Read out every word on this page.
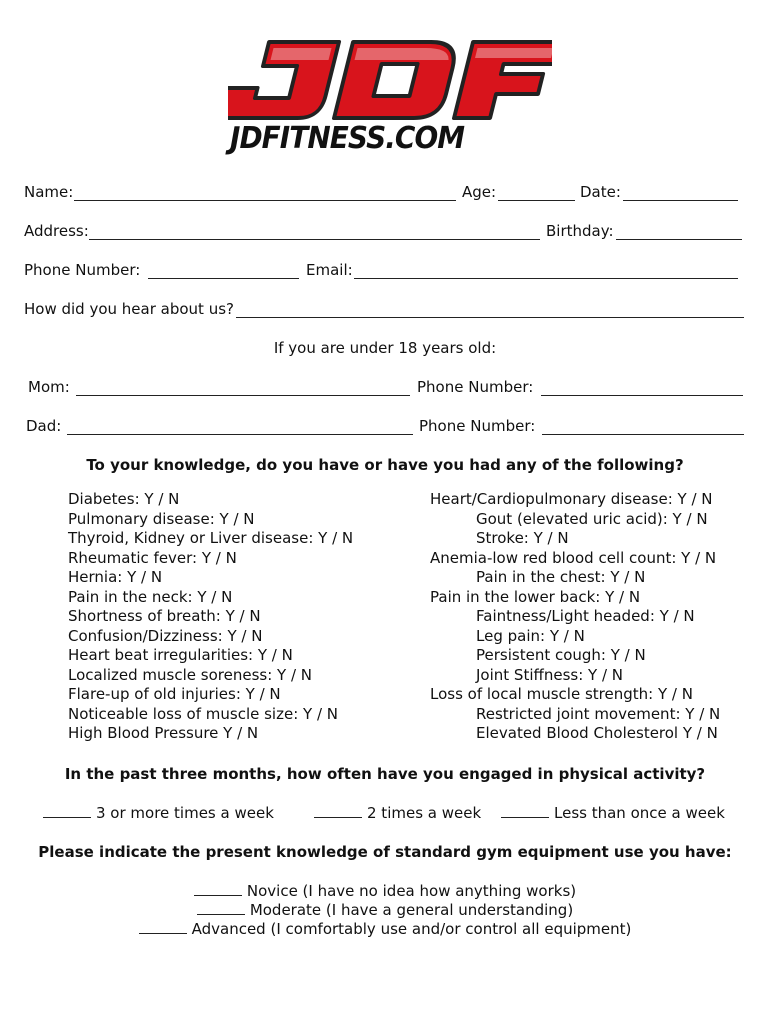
JDFITNESS.COM
Name:	Age:	Date:
Address:	Birthday:
Phone Number:	Email:
How did you hear about us?
If you are under 18 years old:
Mom:	Phone Number:
Dad:	Phone Number:
To your knowledge, do you have or have you had any of the following?
Diabetes: Y / N
Pulmonary disease: Y / N
Thyroid, Kidney or Liver disease: Y / N
Rheumatic fever: Y / N
Hernia: Y / N
Pain in the neck: Y / N
Shortness of breath: Y / N
Confusion/Dizziness: Y / N
Heart beat irregularities: Y / N
Localized muscle soreness: Y / N
Flare-up of old injuries: Y / N
Noticeable loss of muscle size: Y / N
High Blood Pressure Y / N
Heart/Cardiopulmonary disease: Y / N
Gout (elevated uric acid): Y / N
Stroke: Y / N
Anemia-low red blood cell count: Y / N
Pain in the chest: Y / N
Pain in the lower back: Y / N
Faintness/Light headed: Y / N
Leg pain: Y / N
Persistent cough: Y / N
Joint Stiffness: Y / N
Loss of local muscle strength: Y / N
Restricted joint movement: Y / N
Elevated Blood Cholesterol Y / N
In the past three months, how often have you engaged in physical activity?
3 or more times a week	2 times a week	Less than once a week
Please indicate the present knowledge of standard gym equipment use you have:
Novice (I have no idea how anything works)
Moderate (I have a general understanding)
Advanced (I comfortably use and/or control all equipment)
